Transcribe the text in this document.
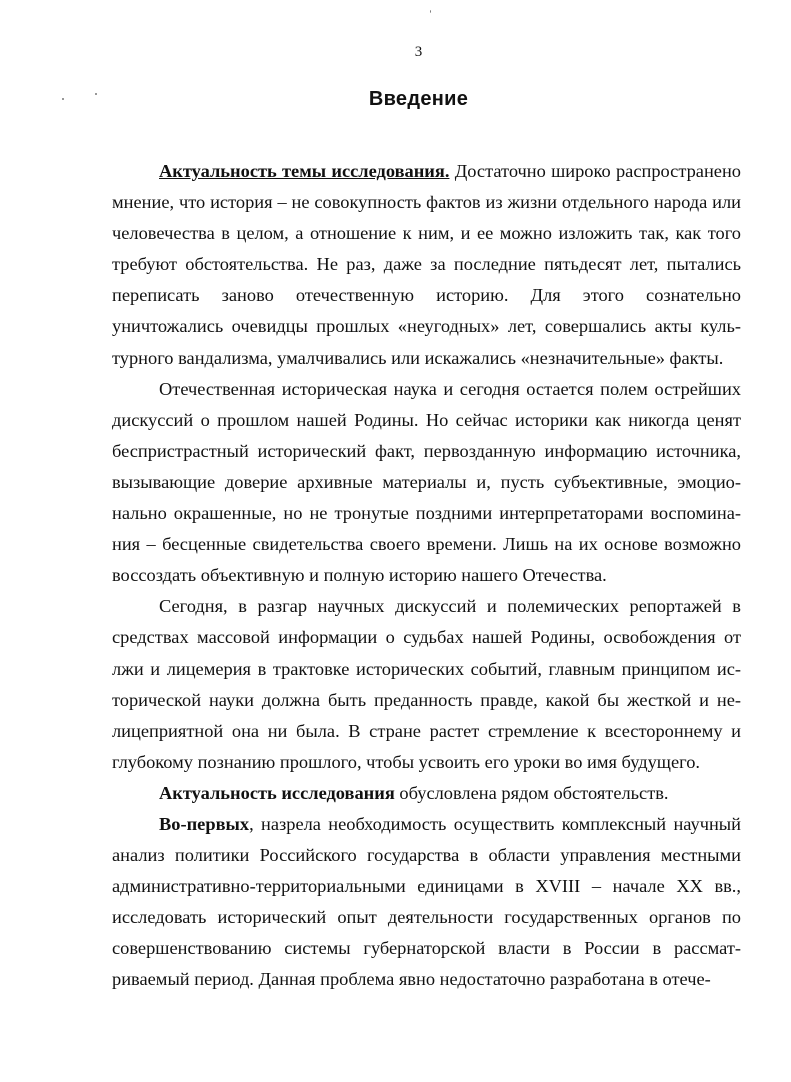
3
Введение

Актуальность темы исследования. Достаточно широко распространено мнение, что история – не совокупность фактов из жизни отдельного народа или человечества в целом, а отношение к ним, и ее можно изложить так, как того требуют обстоятельства. Не раз, даже за последние пятьдесят лет, пытались переписать заново отечественную историю. Для этого сознательно уничтожались очевидцы прошлых «неугодных» лет, совершались акты культурного вандализма, умалчивались или искажались «незначительные» факты.

Отечественная историческая наука и сегодня остается полем острейших дискуссий о прошлом нашей Родины. Но сейчас историки как никогда ценят беспристрастный исторический факт, первозданную информацию источника, вызывающие доверие архивные материалы и, пусть субъективные, эмоционально окрашенные, но не тронутые поздними интерпретаторами воспоминания – бесценные свидетельства своего времени. Лишь на их основе возможно воссоздать объективную и полную историю нашего Отечества.

Сегодня, в разгар научных дискуссий и полемических репортажей в средствах массовой информации о судьбах нашей Родины, освобождения от лжи и лицемерия в трактовке исторических событий, главным принципом исторической науки должна быть преданность правде, какой бы жесткой и нелицеприятной она ни была. В стране растет стремление к всестороннему и глубокому познанию прошлого, чтобы усвоить его уроки во имя будущего.

Актуальность исследования обусловлена рядом обстоятельств.

Во-первых, назрела необходимость осуществить комплексный научный анализ политики Российского государства в области управления местными административно-территориальными единицами в XVIII – начале XX вв., исследовать исторический опыт деятельности государственных органов по совершенствованию системы губернаторской власти в России в рассматриваемый период. Данная проблема явно недостаточно разработана в отече-
